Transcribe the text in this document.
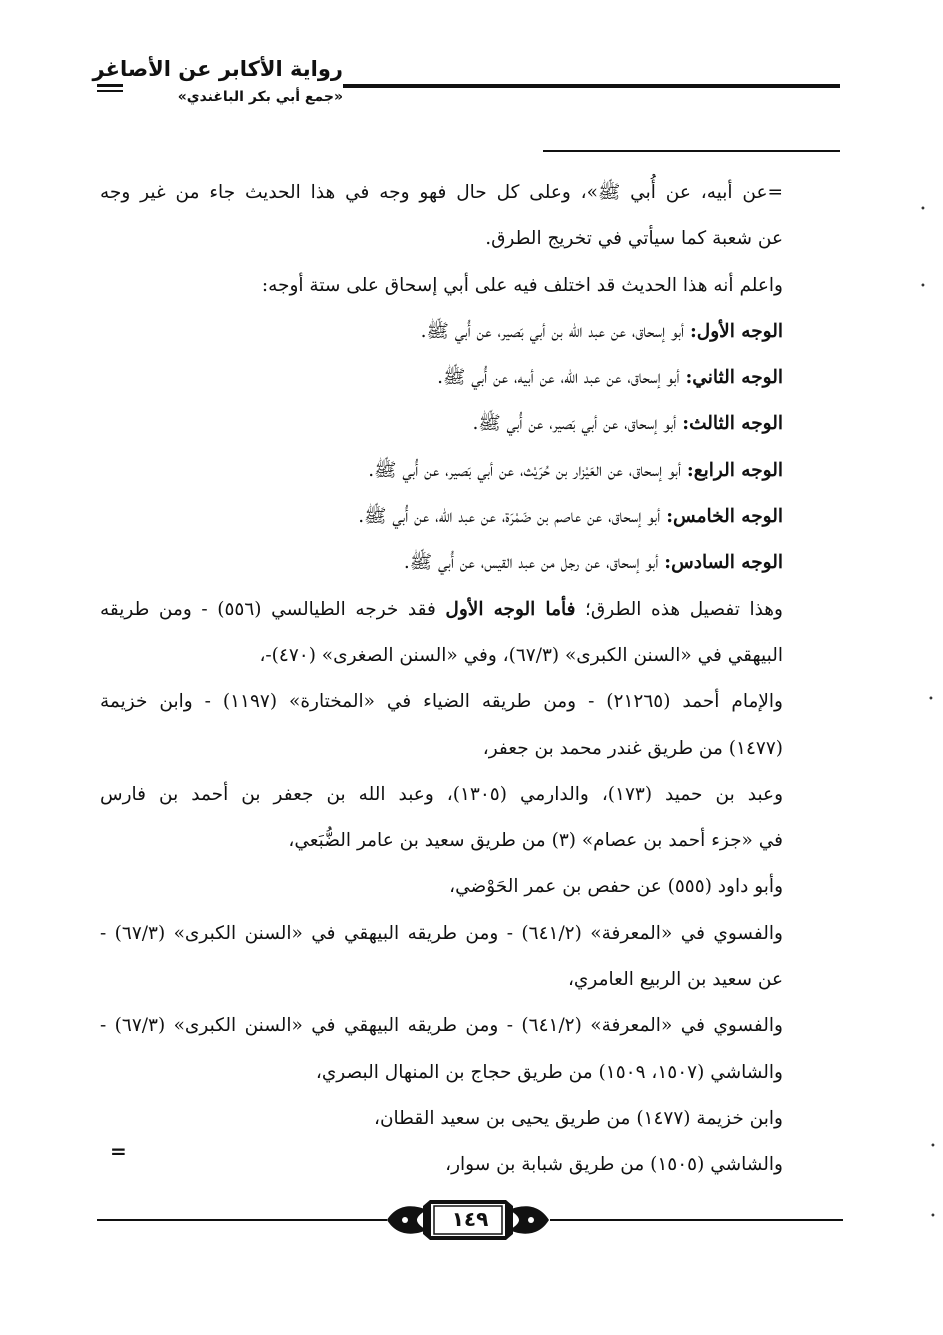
رواية الأكابر عن الأصاغر
«جمع أبي بكر الباغندي»
=عن أبيه، عن أُبي ﷺ»، وعلى كل حال فهو وجه في هذا الحديث جاء من غير وجه
عن شعبة كما سيأتي في تخريج الطرق.
واعلم أنه هذا الحديث قد اختلف فيه على أبي إسحاق على ستة أوجه:
الوجه الأول: أبو إسحاق، عن عبد الله بن أبي بَصير، عن أُبي ﷺ.
الوجه الثاني: أبو إسحاق، عن عبد الله، عن أبيه، عن أُبي ﷺ.
الوجه الثالث: أبو إسحاق، عن أبي بَصير، عن أُبي ﷺ.
الوجه الرابع: أبو إسحاق، عن العَيْزار بن حُرَيْث، عن أبي بَصير، عن أُبي ﷺ.
الوجه الخامس: أبو إسحاق، عن عاصم بن ضَمْرَة، عن عبد الله، عن أُبي ﷺ.
الوجه السادس: أبو إسحاق، عن رجل من عبد القيس، عن أُبي ﷺ.
وهذا تفصيل هذه الطرق؛ فأما الوجه الأول فقد خرجه الطيالسي (٥٥٦) - ومن طريقه
البيهقي في «السنن الكبرى» (٦٧/٣)، وفي «السنن الصغرى» (٤٧٠)-،
والإمام أحمد (٢١٢٦٥) - ومن طريقه الضياء في «المختارة» (١١٩٧) - وابن خزيمة
(١٤٧٧) من طريق غندر محمد بن جعفر،
وعبد بن حميد (١٧٣)، والدارمي (١٣٠٥)، وعبد الله بن جعفر بن أحمد بن فارس
في «جزء أحمد بن عصام» (٣) من طريق سعيد بن عامر الضُّبَعي،
وأبو داود (٥٥٥) عن حفص بن عمر الحَوْضي،
والفسوي في «المعرفة» (٦٤١/٢) - ومن طريقه البيهقي في «السنن الكبرى» (٦٧/٣) -
عن سعيد بن الربيع العامري،
والفسوي في «المعرفة» (٦٤١/٢) - ومن طريقه البيهقي في «السنن الكبرى» (٦٧/٣) -
والشاشي (١٥٠٧، ١٥٠٩) من طريق حجاج بن المنهال البصري،
وابن خزيمة (١٤٧٧) من طريق يحيى بن سعيد القطان،
والشاشي (١٥٠٥) من طريق شبابة بن سوار،
=
•
•
•
•
•
١٤٩
